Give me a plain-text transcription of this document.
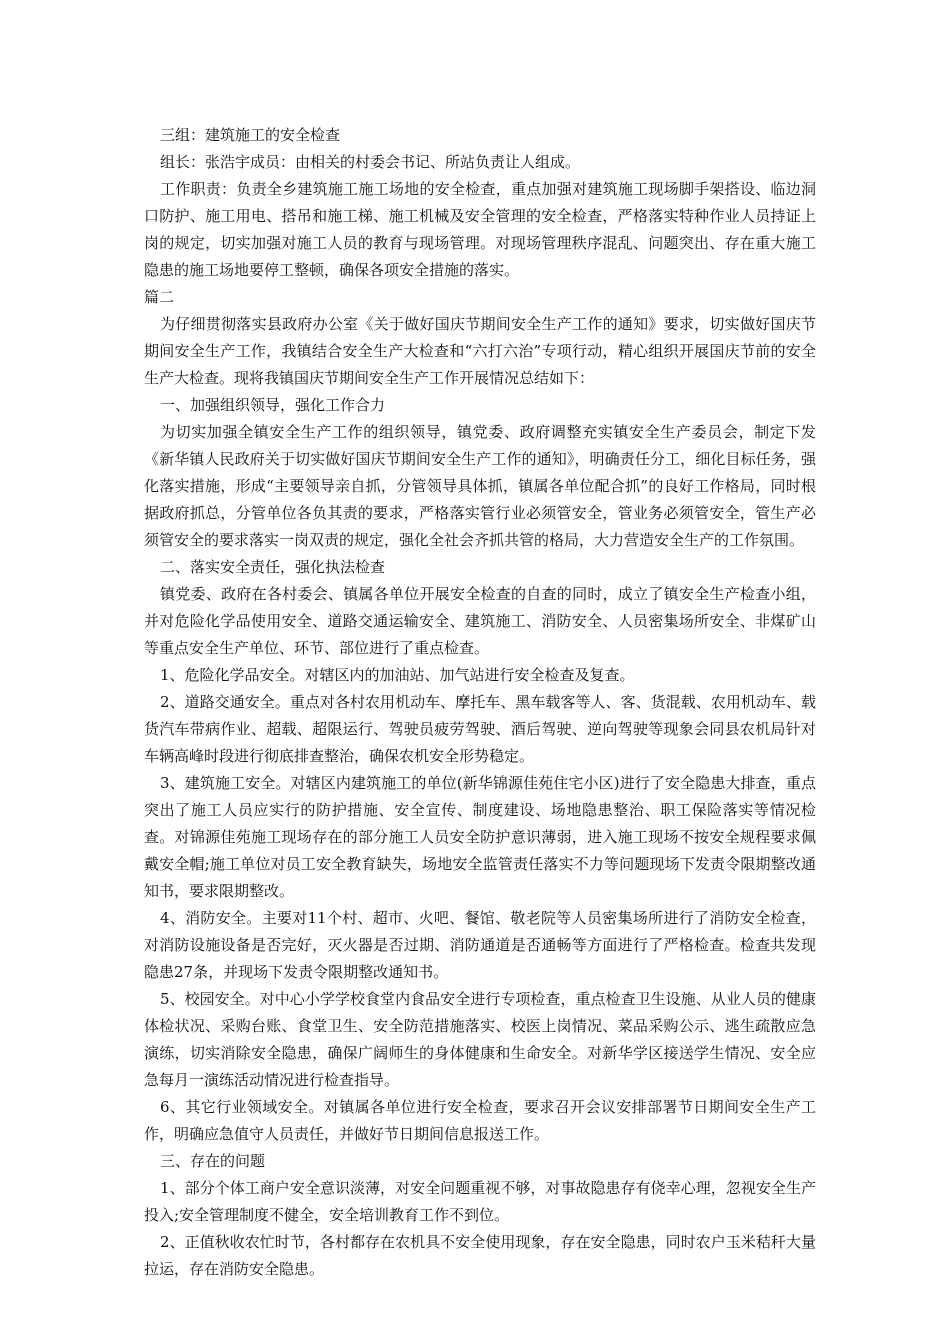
三组：建筑施工的安全检查

组长：张浩宇成员：由相关的村委会书记、所站负责让人组成。

工作职责：负责全乡建筑施工施工场地的安全检查，重点加强对建筑施工现场脚手架搭设、临边洞口防护、施工用电、搭吊和施工梯、施工机械及安全管理的安全检查，严格落实特种作业人员持证上岗的规定，切实加强对施工人员的教育与现场管理。对现场管理秩序混乱、问题突出、存在重大施工隐患的施工场地要停工整顿，确保各项安全措施的落实。

篇二

为仔细贯彻落实县政府办公室《关于做好国庆节期间安全生产工作的通知》要求，切实做好国庆节期间安全生产工作，我镇结合安全生产大检查和“六打六治”专项行动，精心组织开展国庆节前的安全生产大检查。现将我镇国庆节期间安全生产工作开展情况总结如下：

一、加强组织领导，强化工作合力

为切实加强全镇安全生产工作的组织领导，镇党委、政府调整充实镇安全生产委员会，制定下发《新华镇人民政府关于切实做好国庆节期间安全生产工作的通知》，明确责任分工，细化目标任务，强化落实措施，形成“主要领导亲自抓，分管领导具体抓，镇属各单位配合抓”的良好工作格局，同时根据政府抓总，分管单位各负其责的要求，严格落实管行业必须管安全，管业务必须管安全，管生产必须管安全的要求落实一岗双责的规定，强化全社会齐抓共管的格局，大力营造安全生产的工作氛围。

二、落实安全责任，强化执法检查

镇党委、政府在各村委会、镇属各单位开展安全检查的自查的同时，成立了镇安全生产检查小组，并对危险化学品使用安全、道路交通运输安全、建筑施工、消防安全、人员密集场所安全、非煤矿山等重点安全生产单位、环节、部位进行了重点检查。

1、危险化学品安全。对辖区内的加油站、加气站进行安全检查及复查。

2、道路交通安全。重点对各村农用机动车、摩托车、黑车载客等人、客、货混载、农用机动车、载货汽车带病作业、超载、超限运行、驾驶员疲劳驾驶、酒后驾驶、逆向驾驶等现象会同县农机局针对车辆高峰时段进行彻底排查整治，确保农机安全形势稳定。

3、建筑施工安全。对辖区内建筑施工的单位(新华锦源佳苑住宅小区)进行了安全隐患大排查，重点突出了施工人员应实行的防护措施、安全宣传、制度建设、场地隐患整治、职工保险落实等情况检查。对锦源佳苑施工现场存在的部分施工人员安全防护意识薄弱，进入施工现场不按安全规程要求佩戴安全帽;施工单位对员工安全教育缺失，场地安全监管责任落实不力等问题现场下发责令限期整改通知书，要求限期整改。

4、消防安全。主要对11个村、超市、火吧、餐馆、敬老院等人员密集场所进行了消防安全检查，对消防设施设备是否完好，灭火器是否过期、消防通道是否通畅等方面进行了严格检查。检查共发现隐患27条，并现场下发责令限期整改通知书。

5、校园安全。对中心小学学校食堂内食品安全进行专项检查，重点检查卫生设施、从业人员的健康体检状况、采购台账、食堂卫生、安全防范措施落实、校医上岗情况、菜品采购公示、逃生疏散应急演练，切实消除安全隐患，确保广阔师生的身体健康和生命安全。对新华学区接送学生情况、安全应急每月一演练活动情况进行检查指导。

6、其它行业领域安全。对镇属各单位进行安全检查，要求召开会议安排部署节日期间安全生产工作，明确应急值守人员责任，并做好节日期间信息报送工作。

三、存在的问题

1、部分个体工商户安全意识淡薄，对安全问题重视不够，对事故隐患存有侥幸心理，忽视安全生产投入;安全管理制度不健全，安全培训教育工作不到位。

2、正值秋收农忙时节，各村都存在农机具不安全使用现象，存在安全隐患，同时农户玉米秸秆大量拉运，存在消防安全隐患。
